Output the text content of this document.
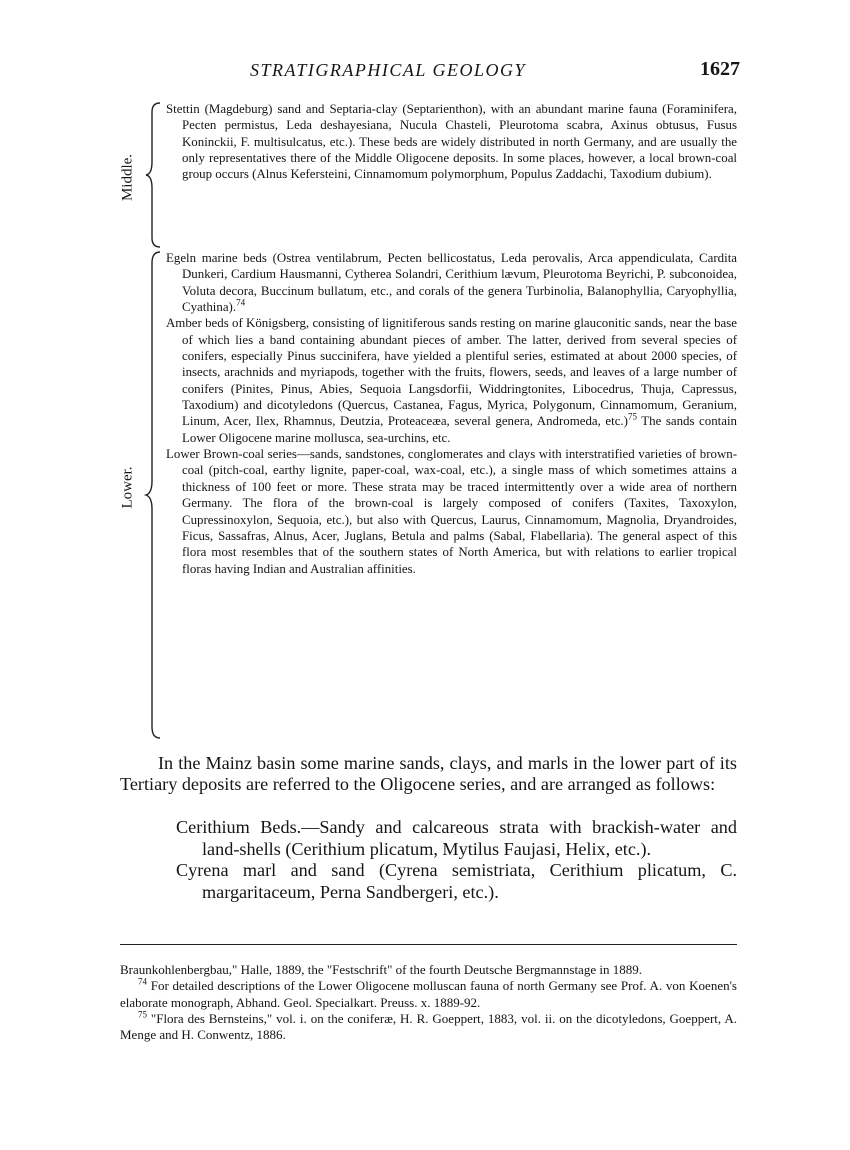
STRATIGRAPHICAL GEOLOGY	1627
Middle.

Stettin (Magdeburg) sand and Septaria-clay (Septarienthon), with an abundant marine fauna (Foraminifera, Pecten permistus, Leda deshayesiana, Nucula Chasteli, Pleurotoma scabra, Axinus obtusus, Fusus Koninckii, F. multisulcatus, etc.). These beds are widely distributed in north Germany, and are usually the only representatives there of the Middle Oligocene deposits. In some places, however, a local brown-coal group occurs (Alnus Kefersteini, Cinnamomum polymorphum, Populus Zaddachi, Taxodium dubium).

Lower.

Egeln marine beds (Ostrea ventilabrum, Pecten bellicostatus, Leda perovalis, Arca appendiculata, Cardita Dunkeri, Cardium Hausmanni, Cytherea Solandri, Cerithium lævum, Pleurotoma Beyrichi, P. subconoidea, Voluta decora, Buccinum bullatum, etc., and corals of the genera Turbinolia, Balanophyllia, Caryophyllia, Cyathina).$^{74}$

Amber beds of Königsberg, consisting of lignitiferous sands resting on marine glauconitic sands, near the base of which lies a band containing abundant pieces of amber. The latter, derived from several species of conifers, especially Pinus succinifera, have yielded a plentiful series, estimated at about 2000 species, of insects, arachnids and myriapods, together with the fruits, flowers, seeds, and leaves of a large number of conifers (Pinites, Pinus, Abies, Sequoia Langsdorfii, Widdringtonites, Libocedrus, Thuja, Capressus, Taxodium) and dicotyledons (Quercus, Castanea, Fagus, Myrica, Polygonum, Cinnamomum, Geranium, Linum, Acer, Ilex, Rhamnus, Deutzia, Proteaceæa, several genera, Andromeda, etc.)$^{75}$ The sands contain Lower Oligocene marine mollusca, sea-urchins, etc.

Lower Brown-coal series—sands, sandstones, conglomerates and clays with interstratified varieties of brown-coal (pitch-coal, earthy lignite, paper-coal, wax-coal, etc.), a single mass of which sometimes attains a thickness of 100 feet or more. These strata may be traced intermittently over a wide area of northern Germany. The flora of the brown-coal is largely composed of conifers (Taxites, Taxoxylon, Cupressinoxylon, Sequoia, etc.), but also with Quercus, Laurus, Cinnamomum, Magnolia, Dryandroides, Ficus, Sassafras, Alnus, Acer, Juglans, Betula and palms (Sabal, Flabellaria). The general aspect of this flora most resembles that of the southern states of North America, but with relations to earlier tropical floras having Indian and Australian affinities.

In the Mainz basin some marine sands, clays, and marls in the lower part of its Tertiary deposits are referred to the Oligocene series, and are arranged as follows:

Cerithium Beds.—Sandy and calcareous strata with brackish-water and land-shells (Cerithium plicatum, Mytilus Faujasi, Helix, etc.).
Cyrena marl and sand (Cyrena semistriata, Cerithium plicatum, C. margaritaceum, Perna Sandbergeri, etc.).

Braunkohlenbergbau," Halle, 1889, the "Festschrift" of the fourth Deutsche Bergmannstage in 1889.

$^{74}$ For detailed descriptions of the Lower Oligocene molluscan fauna of north Germany see Prof. A. von Koenen's elaborate monograph, Abhand. Geol. Specialkart. Preuss. x. 1889-92.

$^{75}$ "Flora des Bernsteins," vol. i. on the coniferæ, H. R. Goeppert, 1883, vol. ii. on the dicotyledons, Goeppert, A. Menge and H. Conwentz, 1886.
